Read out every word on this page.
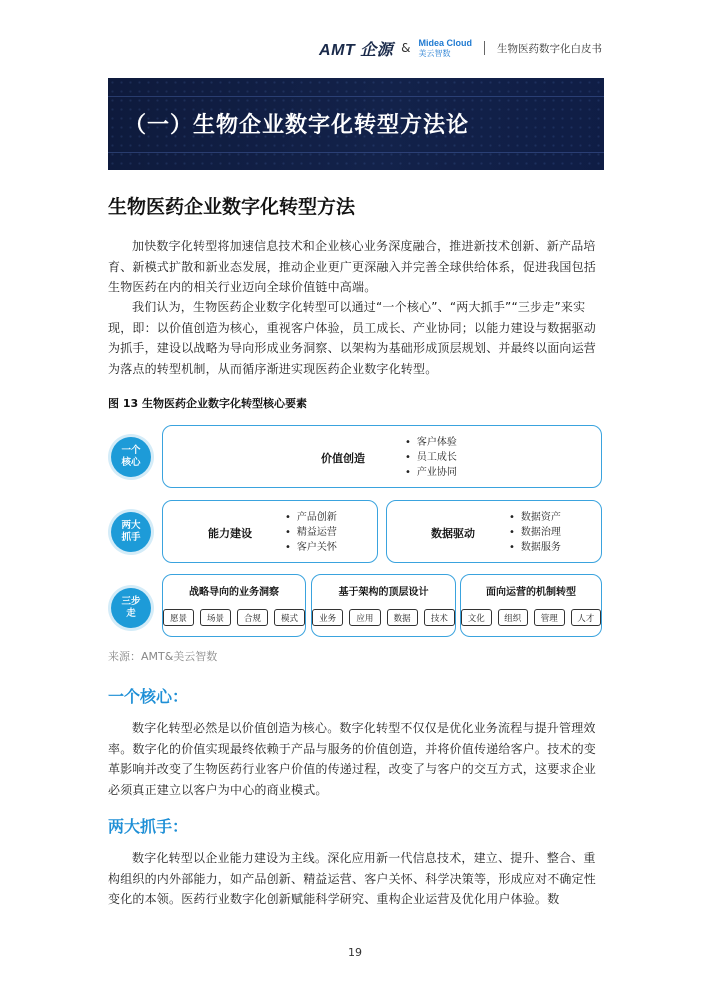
AMT 企源 & Midea Cloud
美云智数	生物医药数字化白皮书
（一）生物企业数字化转型方法论
生物医药企业数字化转型方法
加快数字化转型将加速信息技术和企业核心业务深度融合，推进新技术创新、新产品培育、新模式扩散和新业态发展，推动企业更广更深融入并完善全球供给体系，促进我国包括生物医药在内的相关行业迈向全球价值链中高端。
我们认为，生物医药企业数字化转型可以通过“一个核心”、“两大抓手”“三步走”来实现，即：以价值创造为核心，重视客户体验，员工成长、产业协同；以能力建设与数据驱动为抓手，建设以战略为导向形成业务洞察、以架构为基础形成顶层规划、并最终以面向运营为落点的转型机制，从而循序渐进实现医药企业数字化转型。
图 13 生物医药企业数字化转型核心要素
一个
核心	价值创造
• 客户体验
• 员工成长
• 产业协同
两大
抓手	能力建设
• 产品创新
• 精益运营
• 客户关怀
数据驱动
• 数据资产
• 数据治理
• 数据服务
三步
走
战略导向的业务洞察
愿景	场景	合规	模式
基于架构的顶层设计
业务	应用	数据	技术
面向运营的机制转型
文化	组织	管理	人才
来源：AMT&美云智数
一个核心：
数字化转型必然是以价值创造为核心。数字化转型不仅仅是优化业务流程与提升管理效率。数字化的价值实现最终依赖于产品与服务的价值创造，并将价值传递给客户。技术的变革影响并改变了生物医药行业客户价值的传递过程，改变了与客户的交互方式，这要求企业必须真正建立以客户为中心的商业模式。
两大抓手：
数字化转型以企业能力建设为主线。深化应用新一代信息技术，建立、提升、整合、重构组织的内外部能力，如产品创新、精益运营、客户关怀、科学决策等，形成应对不确定性变化的本领。医药行业数字化创新赋能科学研究、重构企业运营及优化用户体验。数
19
